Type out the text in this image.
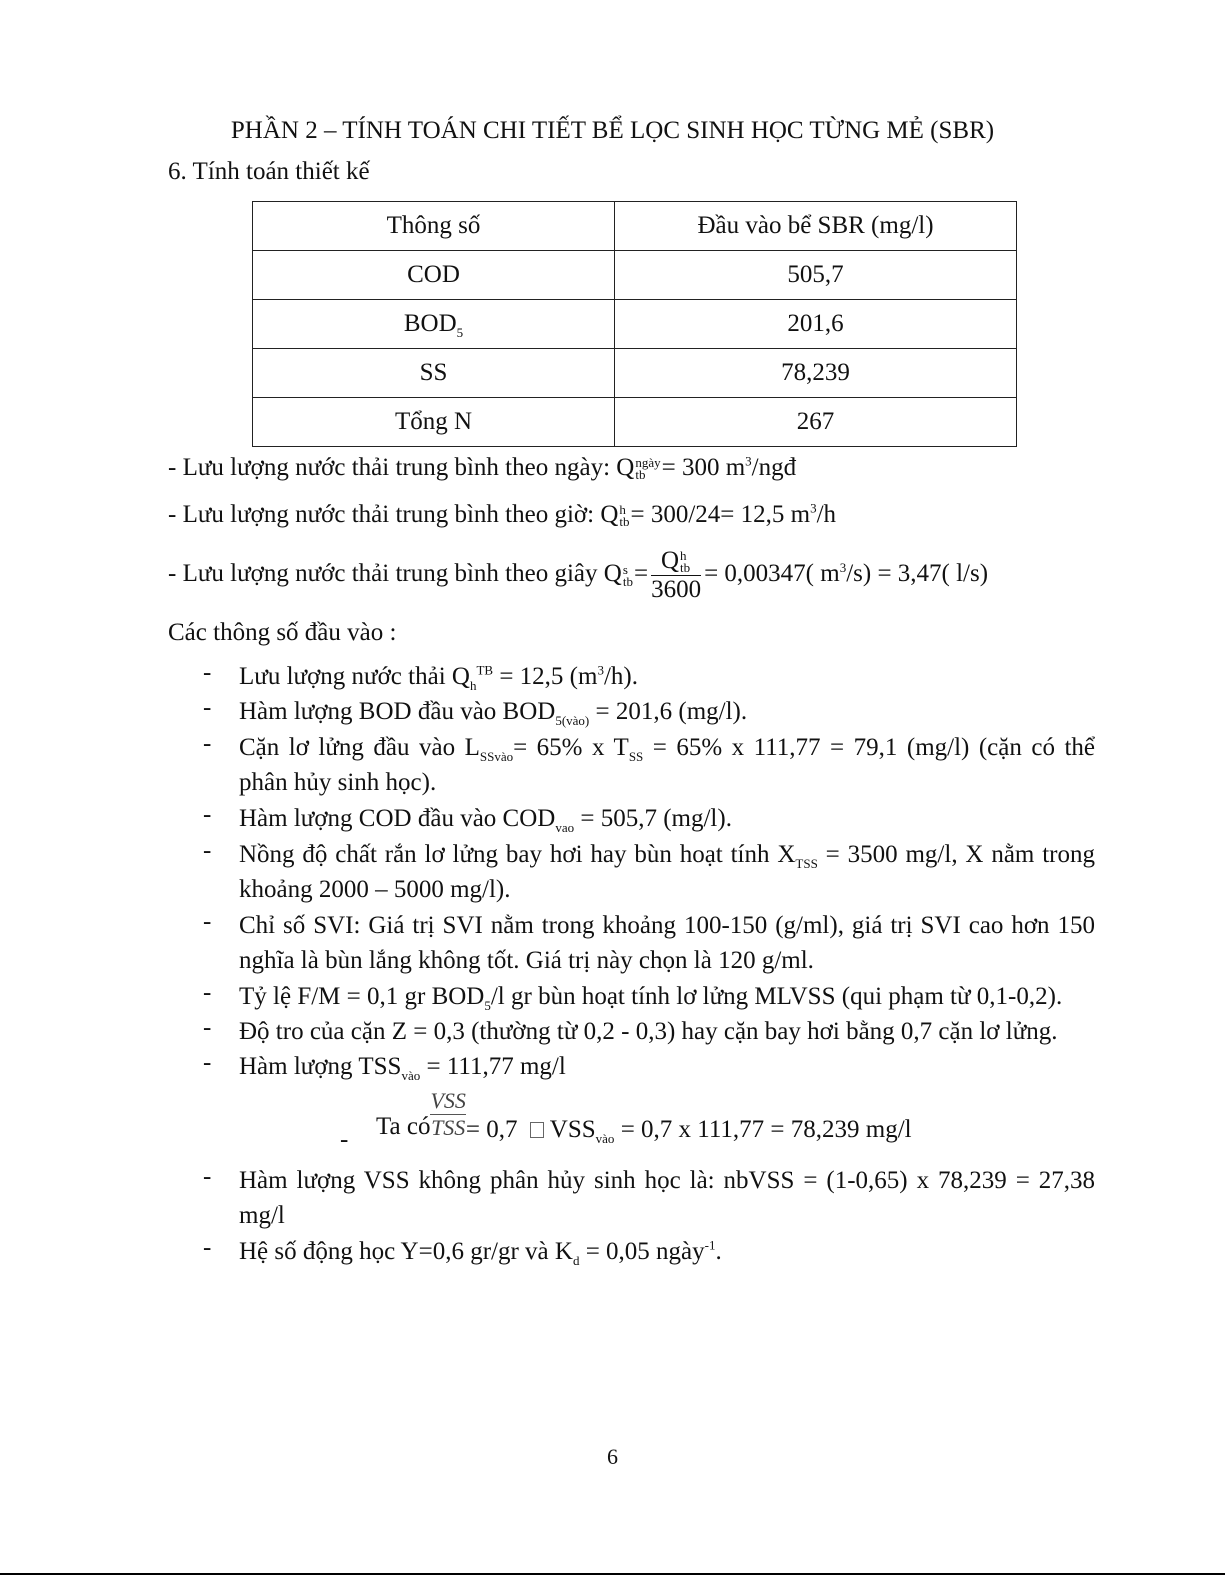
PHẦN 2 – TÍNH TOÁN CHI TIẾT BỂ LỌC SINH HỌC TỪNG MẺ (SBR)
6. Tính toán thiết kế
Thông số	Đầu vào bể SBR (mg/l)
COD	505,7
$BOD_5$	201,6
SS	78,239
Tổng N	267
- Lưu lượng nước thải trung bình theo ngày: Q ngày
tb = 300 $m^3$/ngđ
- Lưu lượng nước thải trung bình theo giờ: Q h
tb = 300/24= 12,5 $m^3/h$
- Lưu lượng nước thải trung bình theo giây Q s
tb = Q h
tb
3600 = 0,00347( $m^3/s) = 3,47$( l/s)
Các thông số đầu vào :
- Lưu lượng nước thải $Q_h^{TB} = 12,5$ $(m^3/h)$.
- Hàm lượng BOD đầu vào $BOD_{5(vào)} = 201,6$ (mg/l).
- Cặn lơ lửng đầu vào $L_{SSvào}= 65\%$ x $T_{SS} = 65\%$ x 111,77 = 79,1 (mg/l) (cặn có thể
phân hủy sinh học).
- Hàm lượng COD đầu vào $COD_{vao} = 505,7$ (mg/l).
- Nồng độ chất rắn lơ lửng bay hơi hay bùn hoạt tính $X_{TSS} = 3500$ mg/l, X nằm trong
khoảng 2000 – 5000 mg/l).
- Chỉ số SVI: Giá trị SVI nằm trong khoảng 100-150 (g/ml), giá trị SVI cao hơn 150
nghĩa là bùn lắng không tốt. Giá trị này chọn là 120 g/ml.
- Tỷ lệ F/M = 0,1 gr $BOD_5/l$ gr bùn hoạt tính lơ lửng MLVSS (qui phạm từ 0,1-0,2).
- Độ tro của cặn Z = 0,3 (thường từ 0,2 - 0,3) hay cặn bay hơi bằng 0,7 cặn lơ lửng.
- Hàm lượng $TSS_{vào} = 111,77$ mg/l
- Ta có $\frac{\text{VSS}}{\text{TSS}} = 0,7$ $VSS_{vào} = 0,7$ x 111,77 = 78,239 mg/l
- Hàm lượng VSS không phân hủy sinh học là: nbVSS = (1-0,65) x 78,239 = 27,38
mg/l
- Hệ số động học Y=0,6 gr/gr và $K_d = 0,05$ ngày$^{-1}$.
6
